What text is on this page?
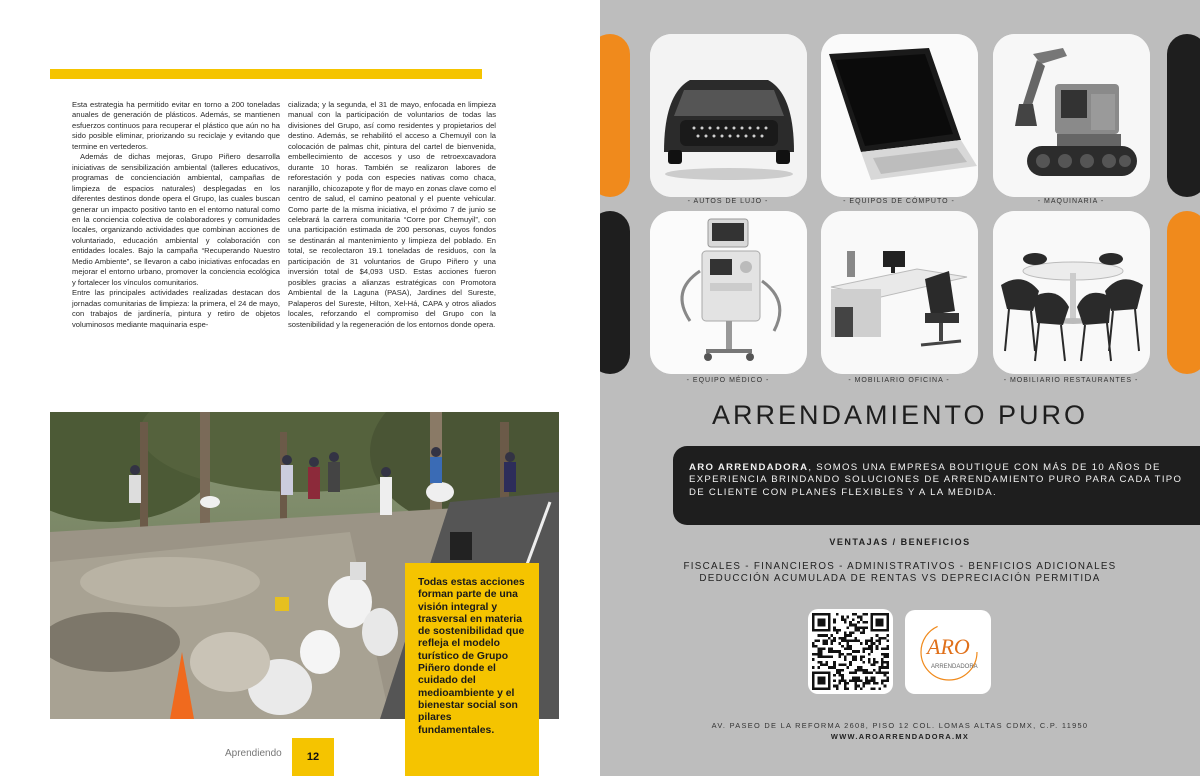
Esta estrategia ha permitido evitar en torno a 200 toneladas anuales de generación de plásticos. Además, se mantienen esfuerzos continuos para recuperar el plástico que aún no ha sido posible eliminar, priorizando su reciclaje y evitando que termine en vertederos.

Además de dichas mejoras, Grupo Piñero desarrolla iniciativas de sensibilización ambiental (talleres educativos, programas de concienciación ambiental, campañas de limpieza de espacios naturales) desplegadas en los diferentes destinos donde opera el Grupo, las cuales buscan generar un impacto positivo tanto en el entorno natural como en la conciencia colectiva de colaboradores y comunidades locales, organizando actividades que combinan acciones de voluntariado, educación ambiental y colaboración con entidades locales. Bajo la campaña “Recuperando Nuestro Medio Ambiente”, se llevaron a cabo iniciativas enfocadas en mejorar el entorno urbano, promover la conciencia ecológica y fortalecer los vínculos comunitarios.

Entre las principales actividades realizadas destacan dos jornadas comunitarias de limpieza: la primera, el 24 de mayo, con trabajos de jardinería, pintura y retiro de objetos voluminosos mediante maquinaria espe-

cializada; y la segunda, el 31 de mayo, enfocada en limpieza manual con la participación de voluntarios de todas las divisiones del Grupo, así como residentes y propietarios del destino. Además, se rehabilitó el acceso a Chemuyil con la colocación de palmas chit, pintura del cartel de bienvenida, embellecimiento de accesos y uso de retroexcavadora durante 10 horas. También se realizaron labores de reforestación y poda con especies nativas como chaca, naranjillo, chicozapote y flor de mayo en zonas clave como el centro de salud, el camino peatonal y el puente vehicular. Como parte de la misma iniciativa, el próximo 7 de junio se celebrará la carrera comunitaria “Corre por Chemuyil”, con una participación estimada de 200 personas, cuyos fondos se destinarán al mantenimiento y limpieza del poblado. En total, se recolectaron 19.1 toneladas de residuos, con la participación de 31 voluntarios de Grupo Piñero y una inversión total de $4,093 USD. Estas acciones fueron posibles gracias a alianzas estratégicas con Promotora Ambiental de la Laguna (PASA), Jardines del Sureste, Palaperos del Sureste, Hilton, Xel-Há, CAPA y otros aliados locales, reforzando el compromiso del Grupo con la sostenibilidad y la regeneración de los entornos donde opera.

Todas estas acciones forman parte de una visión integral y trasversal en materia de sostenibilidad que refleja el modelo turístico de Grupo Piñero donde el cuidado del medioambiente y el bienestar social son pilares fundamentales.
Aprendiendo 12
- AUTOS DE LUJO -	- EQUIPOS DE CÓMPUTO -	- MAQUINARIA -
- EQUIPO MÉDICO -	- MOBILIARIO OFICINA -	- MOBILIARIO RESTAURANTES -
ARRENDAMIENTO PURO
ARO ARRENDADORA, SOMOS UNA EMPRESA BOUTIQUE CON MÁS DE 10 AÑOS DE EXPERIENCIA BRINDANDO SOLUCIONES DE ARRENDAMIENTO PURO PARA CADA TIPO DE CLIENTE CON PLANES FLEXIBLES Y A LA MEDIDA.
VENTAJAS / BENEFICIOS
FISCALES - FINANCIEROS - ADMINISTRATIVOS - BENFICIOS ADICIONALES
DEDUCCIÓN ACUMULADA DE RENTAS VS DEPRECIACIÓN PERMITIDA
ARO
ARRENDADORA
AV. PASEO DE LA REFORMA 2608, PISO 12 COL. LOMAS ALTAS CDMX, C.P. 11950
WWW.AROARRENDADORA.MX
